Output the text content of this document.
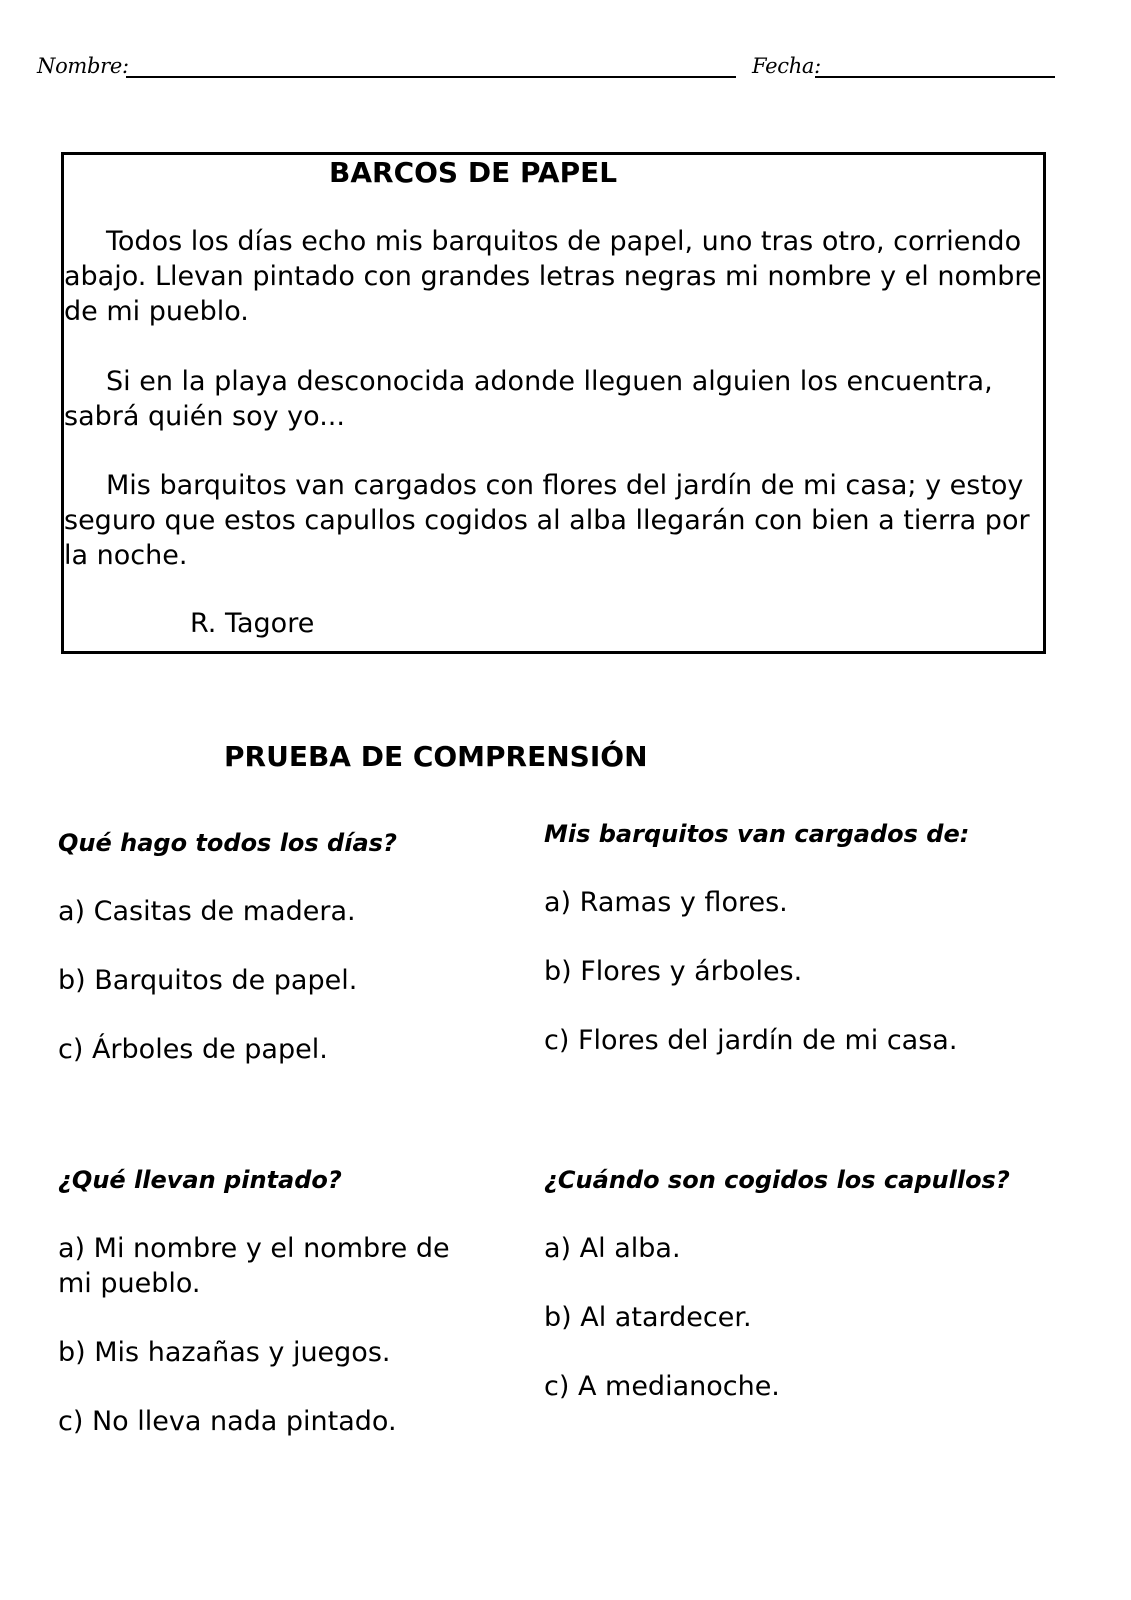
Nombre:	Fecha:
BARCOS DE PAPEL

Todos los días echo mis barquitos de papel, uno tras otro, corriendo abajo. Llevan pintado con grandes letras negras mi nombre y el nombre de mi pueblo.

Si en la playa desconocida adonde lleguen alguien los encuentra, sabrá quién soy yo...

Mis barquitos van cargados con flores del jardín de mi casa; y estoy seguro que estos capullos cogidos al alba llegarán con bien a tierra por la noche.

R. Tagore
PRUEBA DE COMPRENSIÓN
Qué hago todos los días?

a) Casitas de madera.

b) Barquitos de papel.

c) Árboles de papel.

Mis barquitos van cargados de:

a) Ramas y flores.

b) Flores y árboles.

c) Flores del jardín de mi casa.

¿Qué llevan pintado?

a) Mi nombre y el nombre de mi pueblo.

b) Mis hazañas y juegos.

c) No lleva nada pintado.

¿Cuándo son cogidos los capullos?

a) Al alba.

b) Al atardecer.

c) A medianoche.
